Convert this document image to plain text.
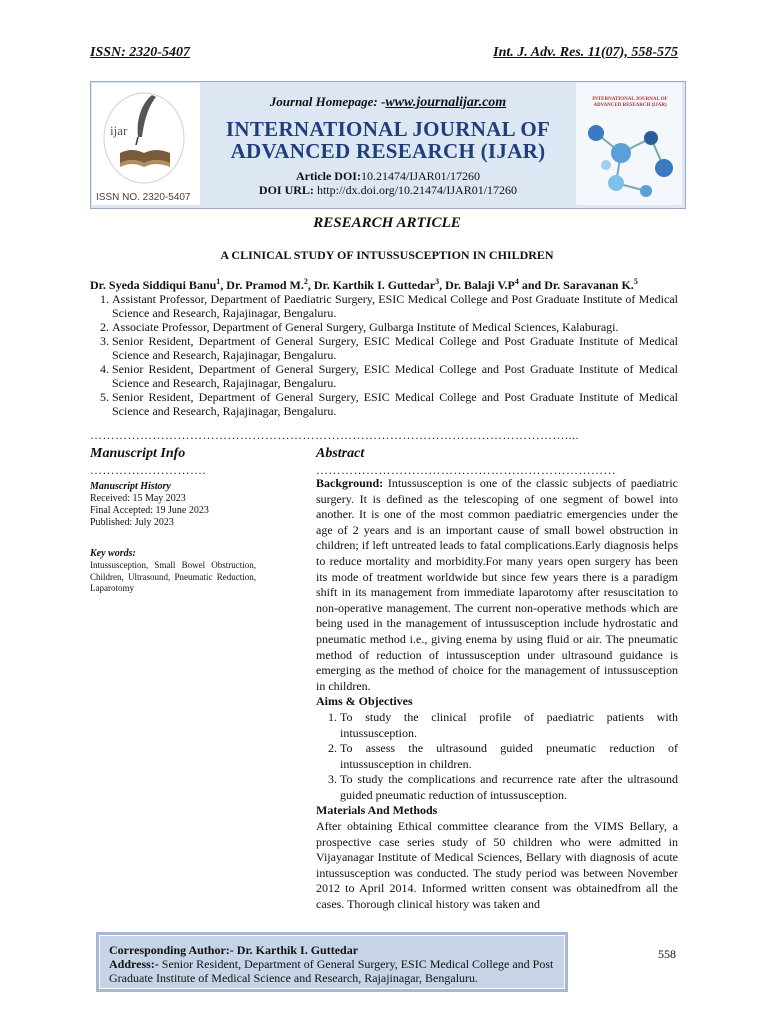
ISSN: 2320-5407	Int. J. Adv. Res. 11(07), 558-575
ijar
ISSN NO. 2320-5407
Journal Homepage: -www.journalijar.com
INTERNATIONAL JOURNAL OF
ADVANCED RESEARCH (IJAR)
Article DOI:10.21474/IJAR01/17260
DOI URL: http://dx.doi.org/10.21474/IJAR01/17260
INTERNATIONAL JOURNAL OF ADVANCED RESEARCH (IJAR)
RESEARCH ARTICLE
A CLINICAL STUDY OF INTUSSUSCEPTION IN CHILDREN
Dr. Syeda Siddiqui Banu$^1$, Dr. Pramod M.$^2$, Dr. Karthik I. Guttedar$^3$, Dr. Balaji $V.P^4$ and Dr. Saravanan K.$^5$
1. Assistant Professor, Department of Paediatric Surgery, ESIC Medical College and Post Graduate Institute of Medical Science and Research, Rajajinagar, Bengaluru.
2. Associate Professor, Department of General Surgery, Gulbarga Institute of Medical Sciences, Kalaburagi.
3. Senior Resident, Department of General Surgery, ESIC Medical College and Post Graduate Institute of Medical Science and Research, Rajajinagar, Bengaluru.
4. Senior Resident, Department of General Surgery, ESIC Medical College and Post Graduate Institute of Medical Science and Research, Rajajinagar, Bengaluru.
5. Senior Resident, Department of General Surgery, ESIC Medical College and Post Graduate Institute of Medical Science and Research, Rajajinagar, Bengaluru.
……………………………………………………………………………………………………....
Manuscript Info
……………………….
Manuscript History
Received: 15 May 2023
Final Accepted: 19 June 2023
Published: July 2023
Key words:
Intussusception, Small Bowel Obstruction, Children, Ultrasound, Pneumatic Reduction, Laparotomy
Abstract
………………………………………………………………
Background: Intussusception is one of the classic subjects of paediatric surgery. It is defined as the telescoping of one segment of bowel into another. It is one of the most common paediatric emergencies under the age of 2 years and is an important cause of small bowel obstruction in children; if left untreated leads to fatal complications.Early diagnosis helps to reduce mortality and morbidity.For many years open surgery has been its mode of treatment worldwide but since few years there is a paradigm shift in its management from immediate laparotomy after resuscitation to non-operative management. The current non-operative methods which are being used in the management of intussusception include hydrostatic and pneumatic method i.e., giving enema by using fluid or air. The pneumatic method of reduction of intussusception under ultrasound guidance is emerging as the method of choice for the management of intussusception in children.
Aims & Objectives
1. To study the clinical profile of paediatric patients with intussusception.
2. To assess the ultrasound guided pneumatic reduction of intussusception in children.
3. To study the complications and recurrence rate after the ultrasound guided pneumatic reduction of intussusception.
Materials And Methods
After obtaining Ethical committee clearance from the VIMS Bellary, a prospective case series study of 50 children who were admitted in Vijayanagar Institute of Medical Sciences, Bellary with diagnosis of acute intussusception was conducted. The study period was between November 2012 to April 2014. Informed written consent was obtainedfrom all the cases. Thorough clinical history was taken and
Corresponding Author:- Dr. Karthik I. Guttedar
Address:- Senior Resident, Department of General Surgery, ESIC Medical College and Post Graduate Institute of Medical Science and Research, Rajajinagar, Bengaluru.
558
